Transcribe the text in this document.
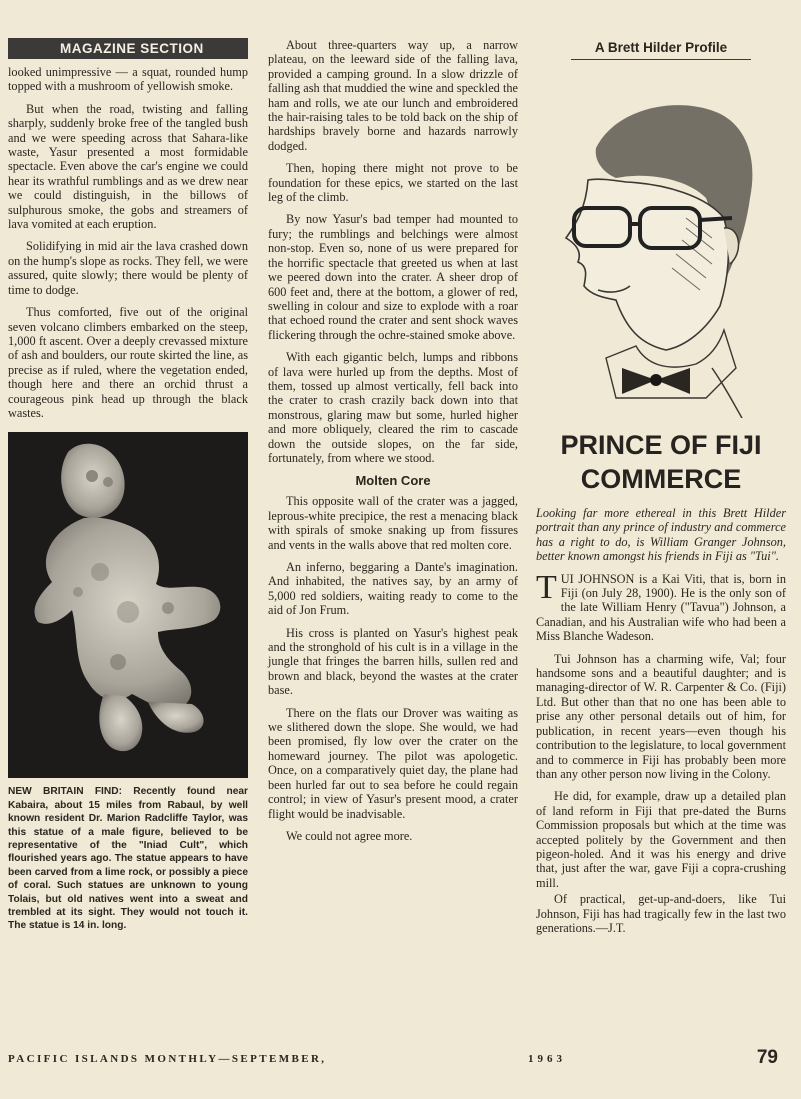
MAGAZINE SECTION

looked unimpressive — a squat, rounded hump topped with a mushroom of yellowish smoke.

But when the road, twisting and falling sharply, suddenly broke free of the tangled bush and we were speeding across that Sahara-like waste, Yasur presented a most formidable spectacle. Even above the car's engine we could hear its wrathful rumblings and as we drew near we could distinguish, in the billows of sulphurous smoke, the gobs and streamers of lava vomited at each eruption.

Solidifying in mid air the lava crashed down on the hump's slope as rocks. They fell, we were assured, quite slowly; there would be plenty of time to dodge.

Thus comforted, five out of the original seven volcano climbers embarked on the steep, 1,000 ft ascent. Over a deeply crevassed mixture of ash and boulders, our route skirted the line, as precise as if ruled, where the vegetation ended, though here and there an orchid thrust a courageous pink head up through the black wastes.

NEW BRITAIN FIND: Recently found near Kabaira, about 15 miles from Rabaul, by well known resident Dr. Marion Radcliffe Taylor, was this statue of a male figure, believed to be representative of the "Iniad Cult", which flourished years ago. The statue appears to have been carved from a lime rock, or possibly a piece of coral. Such statues are unknown to young Tolais, but old natives went into a sweat and trembled at its sight. They would not touch it. The statue is 14 in. long.

About three-quarters way up, a narrow plateau, on the leeward side of the falling lava, provided a camping ground. In a slow drizzle of falling ash that muddied the wine and speckled the ham and rolls, we ate our lunch and embroidered the hair-raising tales to be told back on the ship of hardships bravely borne and hazards narrowly dodged.

Then, hoping there might not prove to be foundation for these epics, we started on the last leg of the climb.

By now Yasur's bad temper had mounted to fury; the rumblings and belchings were almost non-stop. Even so, none of us were prepared for the horrific spectacle that greeted us when at last we peered down into the crater. A sheer drop of 600 feet and, there at the bottom, a glower of red, swelling in colour and size to explode with a roar that echoed round the crater and sent shock waves flickering through the ochre-stained smoke above.

With each gigantic belch, lumps and ribbons of lava were hurled up from the depths. Most of them, tossed up almost vertically, fell back into the crater to crash crazily back down into that monstrous, glaring maw but some, hurled higher and more obliquely, cleared the rim to cascade down the outside slopes, on the far side, fortunately, from where we stood.

Molten Core

This opposite wall of the crater was a jagged, leprous-white precipice, the rest a menacing black with spirals of smoke snaking up from fissures and vents in the walls above that red molten core.

An inferno, beggaring a Dante's imagination. And inhabited, the natives say, by an army of 5,000 red soldiers, waiting ready to come to the aid of Jon Frum.

His cross is planted on Yasur's highest peak and the stronghold of his cult is in a village in the jungle that fringes the barren hills, sullen red and brown and black, beyond the wastes at the crater base.

There on the flats our Drover was waiting as we slithered down the slope. She would, we had been promised, fly low over the crater on the homeward journey. The pilot was apologetic. Once, on a comparatively quiet day, the plane had been hurled far out to sea before he could regain control; in view of Yasur's present mood, a crater flight would be inadvisable.

We could not agree more.

A Brett Hilder Profile
PRINCE OF FIJI
COMMERCE

Looking far more ethereal in this Brett Hilder portrait than any prince of industry and commerce has a right to do, is William Granger Johnson, better known amongst his friends in Fiji as "Tui".

TUI JOHNSON is a Kai Viti, that is, born in Fiji (on July 28, 1900). He is the only son of the late William Henry ("Tavua") Johnson, a Canadian, and his Australian wife who had been a Miss Blanche Wadeson.

Tui Johnson has a charming wife, Val; four handsome sons and a beautiful daughter; and is managing-director of W. R. Carpenter & Co. (Fiji) Ltd. But other than that no one has been able to prise any other personal details out of him, for publication, in recent years—even though his contribution to the legislature, to local government and to commerce in Fiji has probably been more than any other person now living in the Colony.

He did, for example, draw up a detailed plan of land reform in Fiji that pre-dated the Burns Commission proposals but which at the time was accepted politely by the Government and then pigeon-holed. And it was his energy and drive that, just after the war, gave Fiji a copra-crushing mill.

Of practical, get-up-and-doers, like Tui Johnson, Fiji has had tragically few in the last two generations.—J.T.

PACIFIC ISLANDS MONTHLY—SEPTEMBER,	1963	79
